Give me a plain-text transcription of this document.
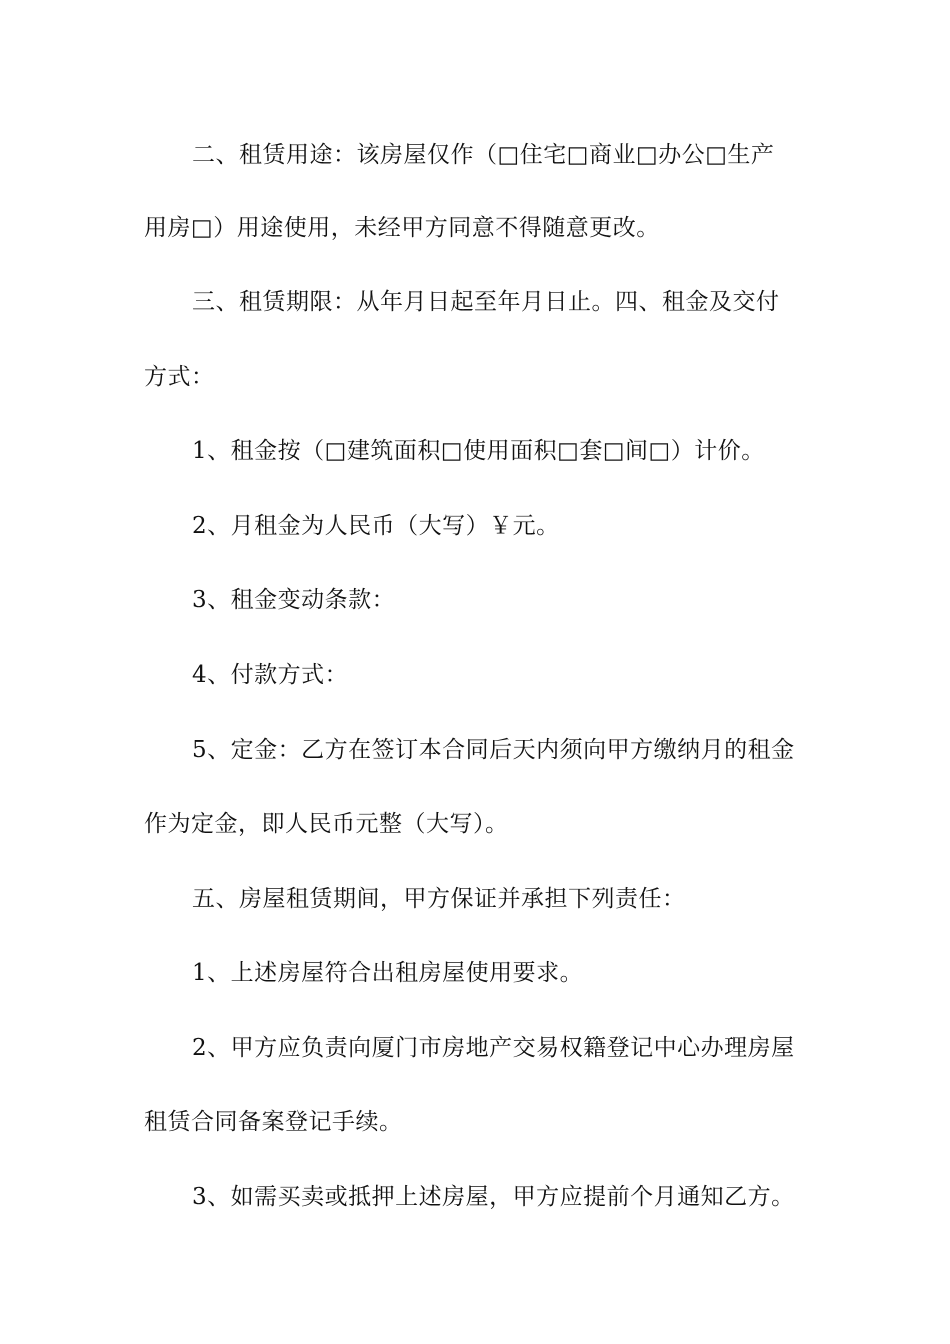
二、租赁用途：该房屋仅作（□住宅□商业□办公□生产
用房□）用途使用，未经甲方同意不得随意更改。
三、租赁期限：从年月日起至年月日止。四、租金及交付
方式：
1、租金按（□建筑面积□使用面积□套□间□）计价。
2、月租金为人民币（大写）￥元。
3、租金变动条款：
4、付款方式：
5、定金：乙方在签订本合同后天内须向甲方缴纳月的租金
作为定金，即人民币元整（大写）。
五、房屋租赁期间，甲方保证并承担下列责任：
1、上述房屋符合出租房屋使用要求。
2、甲方应负责向厦门市房地产交易权籍登记中心办理房屋
租赁合同备案登记手续。
3、如需买卖或抵押上述房屋，甲方应提前个月通知乙方。
